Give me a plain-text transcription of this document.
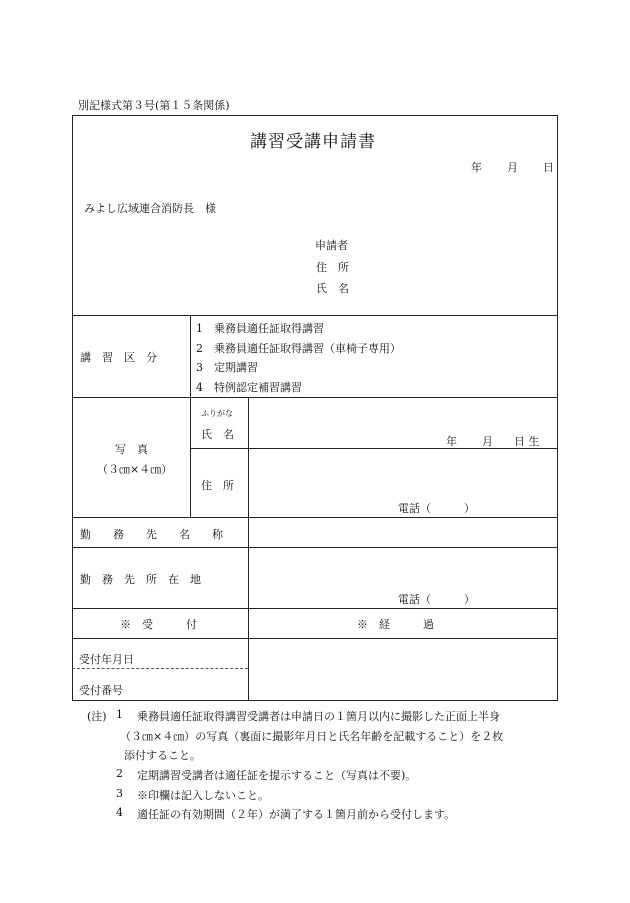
別記様式第３号(第１５条関係)
講習受講申請書
年 月 日
みよし広域連合消防長　様
申請者
住　所
氏　名
講　習　区　分
1　乗務員適任証取得講習
2　乗務員適任証取得講習（車椅子専用）
3　定期講習
4　特例認定補習講習
写　真
（３㎝×４㎝）
ふりがな
氏　名
年 月 日 生
住　所
電話（　　　）
勤　　務　　先　　名　　称
勤　務　先　所　在　地
電話（　　　）
※　受　　　付	※　経　　　過
受付年月日
受付番号
(注) 1 乗務員適任証取得講習受講者は申請日の１箇月以内に撮影した正面上半身
（３㎝×４㎝）の写真（裏面に撮影年月日と氏名年齢を記載すること）を２枚
添付すること。
2 定期講習受講者は適任証を提示すること（写真は不要)。
3 ※印欄は記入しないこと。
4 適任証の有効期間（２年）が満了する１箇月前から受付します。
